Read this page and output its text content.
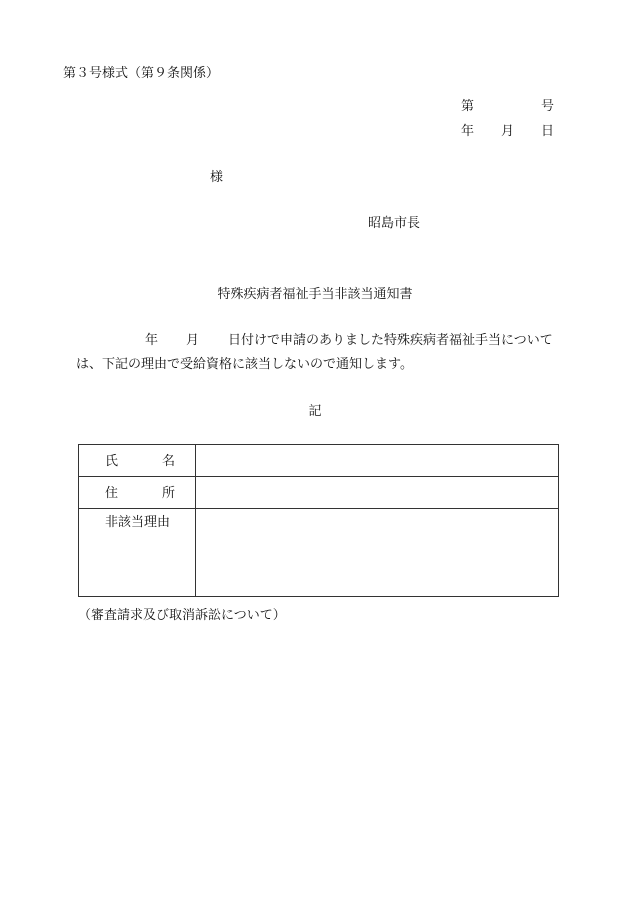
第３号様式（第９条関係）
第	号
年 月 日
様
昭島市長
特殊疾病者福祉手当非該当通知書
年 月 日付けで申請のありました特殊疾病者福祉手当について
は、下記の理由で受給資格に該当しないので通知します。
記
氏 名	

住 所	

非該当理由	
（審査請求及び取消訴訟について）
